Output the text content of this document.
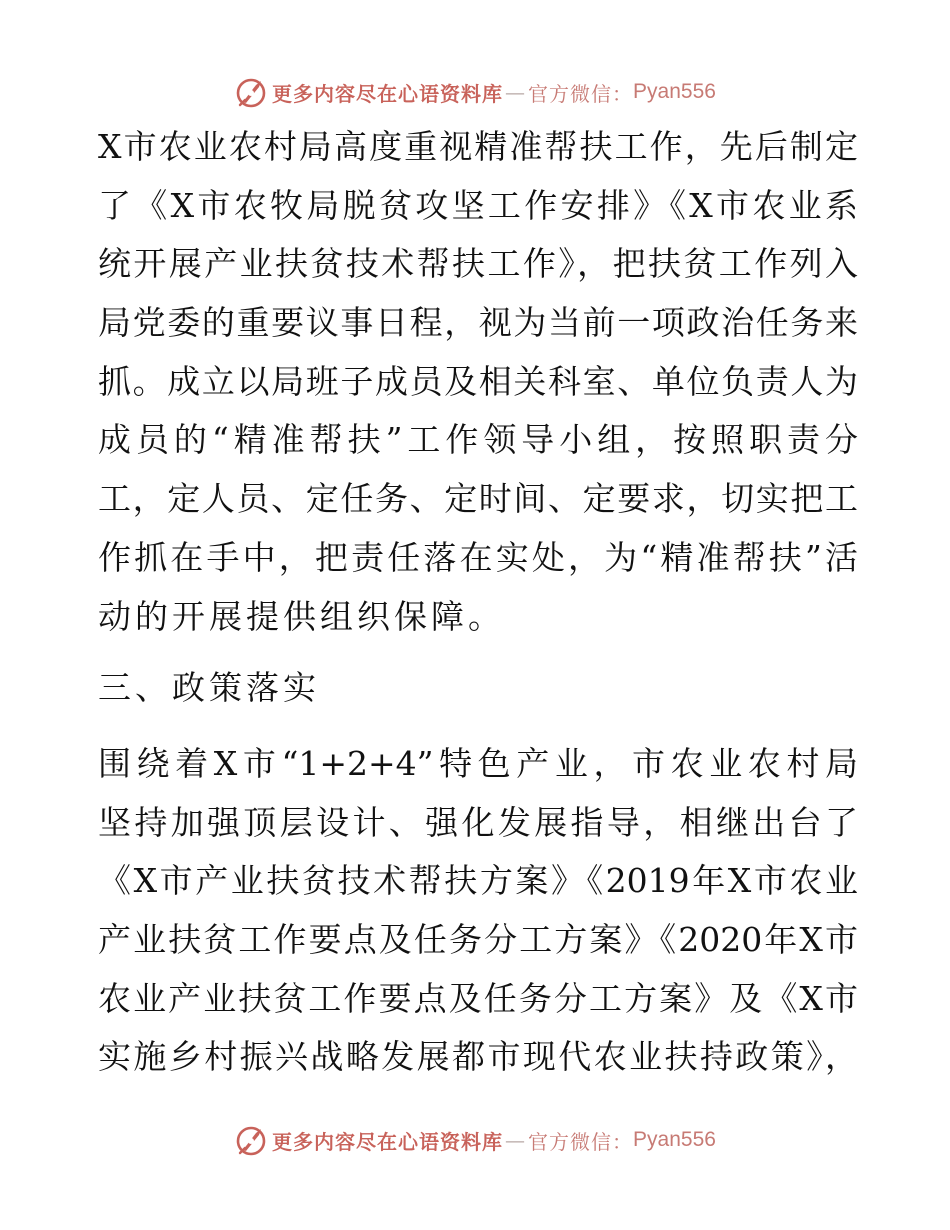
更多内容尽在心语资料库 — 官方微信： Pyan556
X市农业农村局高度重视精准帮扶工作，先后制定
了《X市农牧局脱贫攻坚工作安排》《X市农业系
统开展产业扶贫技术帮扶工作》，把扶贫工作列入
局党委的重要议事日程，视为当前一项政治任务来
抓。成立以局班子成员及相关科室、单位负责人为
成员的“精准帮扶”工作领导小组，按照职责分
工，定人员、定任务、定时间、定要求，切实把工
作抓在手中，把责任落在实处，为“精准帮扶”活
动的开展提供组织保障。
三、政策落实
围绕着X市“1+2+4”特色产业，市农业农村局
坚持加强顶层设计、强化发展指导，相继出台了
《X市产业扶贫技术帮扶方案》《2019年X市农业
产业扶贫工作要点及任务分工方案》《2020年X市
农业产业扶贫工作要点及任务分工方案》及《X市
实施乡村振兴战略发展都市现代农业扶持政策》，
更多内容尽在心语资料库 — 官方微信： Pyan556
